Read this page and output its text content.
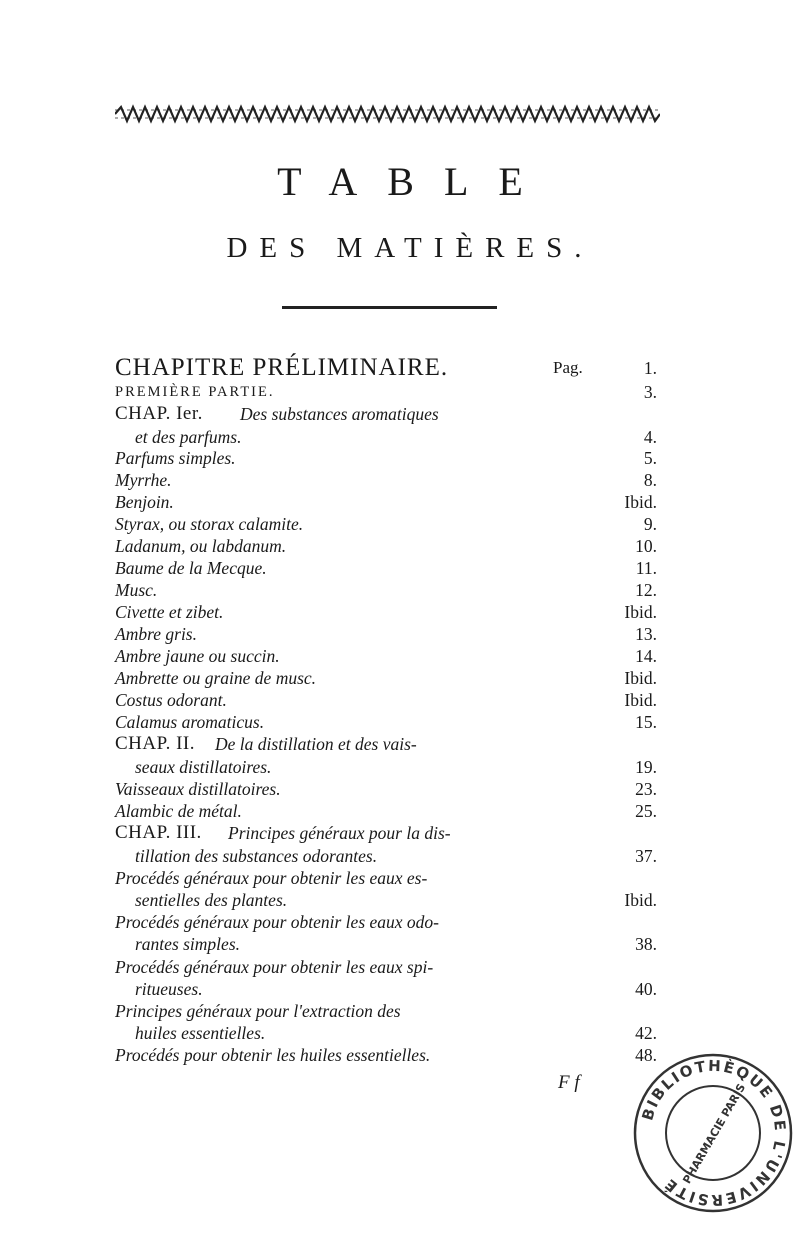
TABLE
DES MATIÈRES.
CHAPITRE PRÉLIMINAIRE.	Pag.	1.
PREMIÈRE PARTIE.	3.
CHAP. Ier. Des substances aromatiques
et des parfums.	4.
Parfums simples.	5.
Myrrhe.	8.
Benjoin.	Ibid.
Styrax, ou storax calamite.	9.
Ladanum, ou labdanum.	10.
Baume de la Mecque.	11.
Musc.	12.
Civette et zibet.	Ibid.
Ambre gris.	13.
Ambre jaune ou succin.	14.
Ambrette ou graine de musc.	Ibid.
Costus odorant.	Ibid.
Calamus aromaticus.	15.
CHAP. II. De la distillation et des vais-
seaux distillatoires.	19.
Vaisseaux distillatoires.	23.
Alambic de métal.	25.
CHAP. III. Principes généraux pour la dis-
tillation des substances odorantes.	37.
Procédés généraux pour obtenir les eaux es-
sentielles des plantes.	Ibid.
Procédés généraux pour obtenir les eaux odo-
rantes simples.	38.
Procédés généraux pour obtenir les eaux spi-
ritueuses.	40.
Principes généraux pour l'extraction des
huiles essentielles.	42.
Procédés pour obtenir les huiles essentielles.	48.
F f
BIBLIOTHÈQUE DE L'UNIVERSITÉ PHARMACIE PARIS
